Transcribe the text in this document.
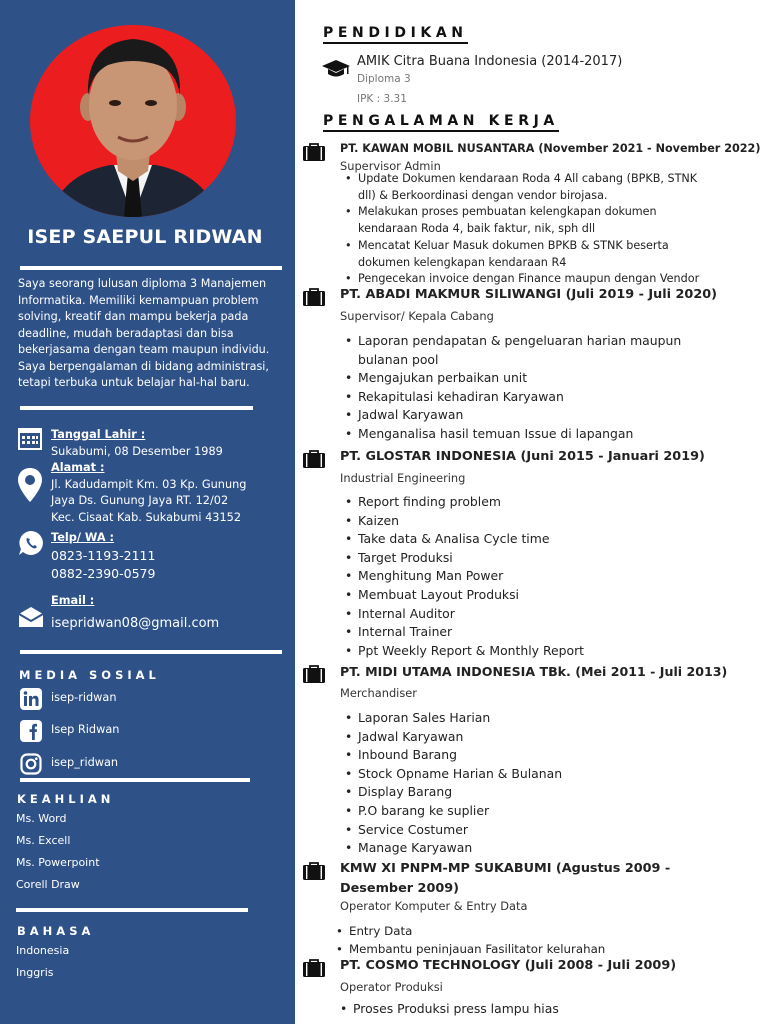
ISEP SAEPUL RIDWAN

Saya seorang lulusan diploma 3 Manajemen Informatika. Memiliki kemampuan problem solving, kreatif dan mampu bekerja pada deadline, mudah beradaptasi dan bisa bekerjasama dengan team maupun individu. Saya berpengalaman di bidang administrasi, tetapi terbuka untuk belajar hal-hal baru.

Tanggal Lahir :
Sukabumi, 08 Desember 1989
Alamat :
Jl. Kadudampit Km. 03 Kp. Gunung
Jaya Ds. Gunung Jaya RT. 12/02
Kec. Cisaat Kab. Sukabumi 43152
Telp/ WA :
0823-1193-2111
0882-2390-0579
Email :
isepridwan08@gmail.com
MEDIA SOSIAL
isep-ridwan
Isep Ridwan
isep_ridwan
KEAHLIAN
Ms. Word
Ms. Excell
Ms. Powerpoint
Corell Draw
BAHASA
Indonesia
Inggris
PENDIDIKAN
AMIK Citra Buana Indonesia (2014-2017)
Diploma 3
IPK : 3.31
PENGALAMAN KERJA
PT. KAWAN MOBIL NUSANTARA (November 2021 - November 2022)
Supervisor Admin
• Update Dokumen kendaraan Roda 4 All cabang (BPKB, STNK
dll) & Berkoordinasi dengan vendor birojasa.
• Melakukan proses pembuatan kelengkapan dokumen
kendaraan Roda 4, baik faktur, nik, sph dll
• Mencatat Keluar Masuk dokumen BPKB & STNK beserta
dokumen kelengkapan kendaraan R4
• Pengecekan invoice dengan Finance maupun dengan Vendor
PT. ABADI MAKMUR SILIWANGI (Juli 2019 - Juli 2020)
Supervisor/ Kepala Cabang
• Laporan pendapatan & pengeluaran harian maupun
bulanan pool
• Mengajukan perbaikan unit
• Rekapitulasi kehadiran Karyawan
• Jadwal Karyawan
• Menganalisa hasil temuan Issue di lapangan
PT. GLOSTAR INDONESIA (Juni 2015 - Januari 2019)
Industrial Engineering
• Report finding problem
• Kaizen
• Take data & Analisa Cycle time
• Target Produksi
• Menghitung Man Power
• Membuat Layout Produksi
• Internal Auditor
• Internal Trainer
• Ppt Weekly Report & Monthly Report
PT. MIDI UTAMA INDONESIA TBk. (Mei 2011 - Juli 2013)
Merchandiser
• Laporan Sales Harian
• Jadwal Karyawan
• Inbound Barang
• Stock Opname Harian & Bulanan
• Display Barang
• P.O barang ke suplier
• Service Costumer
• Manage Karyawan
KMW XI PNPM-MP SUKABUMI (Agustus 2009 -
Desember 2009)
Operator Komputer & Entry Data
• Entry Data
• Membantu peninjauan Fasilitator kelurahan
PT. COSMO TECHNOLOGY (Juli 2008 - Juli 2009)
Operator Produksi
• Proses Produksi press lampu hias
